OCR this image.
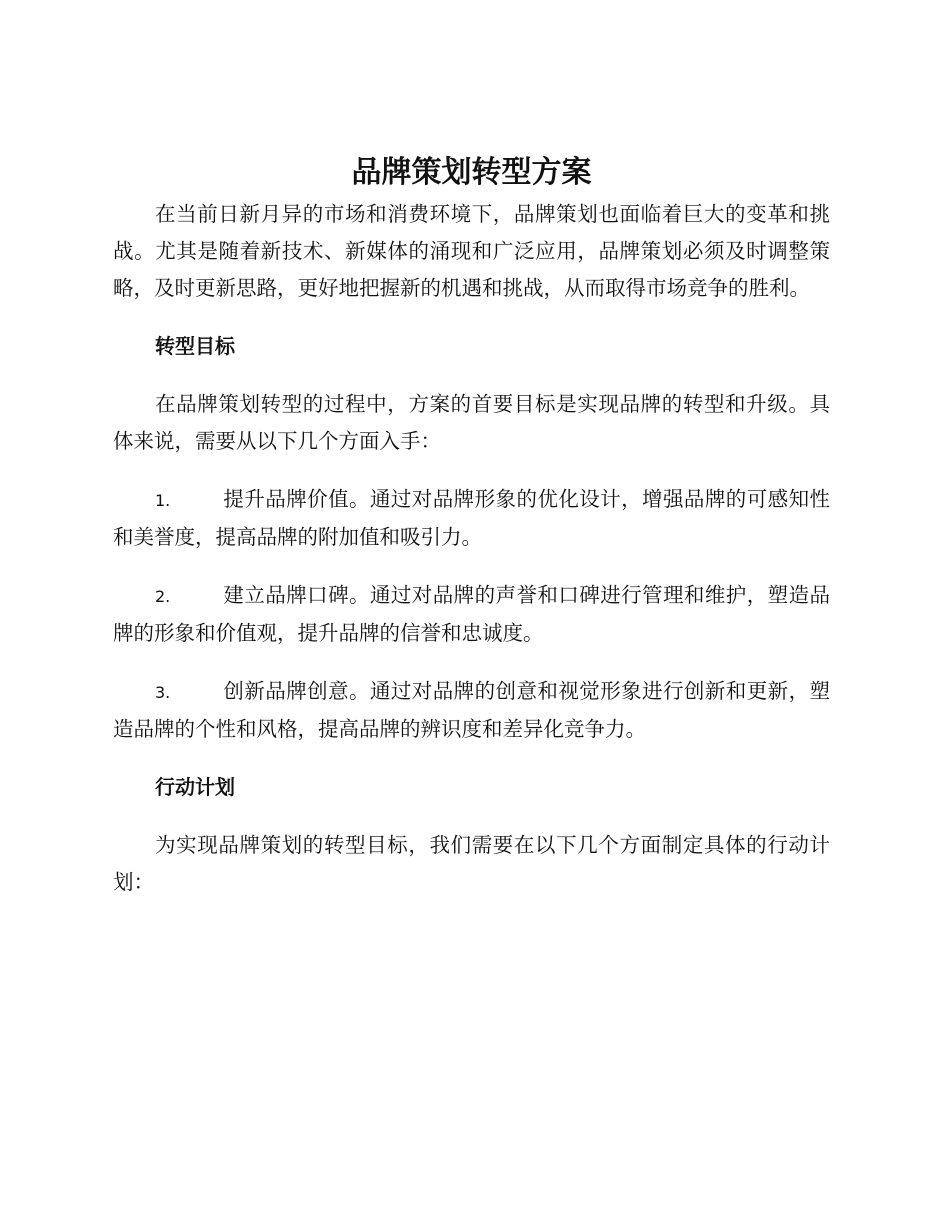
品牌策划转型方案

在当前日新月异的市场和消费环境下，品牌策划也面临着巨大的变革和挑战。尤其是随着新技术、新媒体的涌现和广泛应用，品牌策划必须及时调整策略，及时更新思路，更好地把握新的机遇和挑战，从而取得市场竞争的胜利。

转型目标

在品牌策划转型的过程中，方案的首要目标是实现品牌的转型和升级。具体来说，需要从以下几个方面入手：

1.	提升品牌价值。通过对品牌形象的优化设计，增强品牌的可感知性和美誉度，提高品牌的附加值和吸引力。

2.	建立品牌口碑。通过对品牌的声誉和口碑进行管理和维护，塑造品牌的形象和价值观，提升品牌的信誉和忠诚度。

3.	创新品牌创意。通过对品牌的创意和视觉形象进行创新和更新，塑造品牌的个性和风格，提高品牌的辨识度和差异化竞争力。

行动计划

为实现品牌策划的转型目标，我们需要在以下几个方面制定具体的行动计划：
